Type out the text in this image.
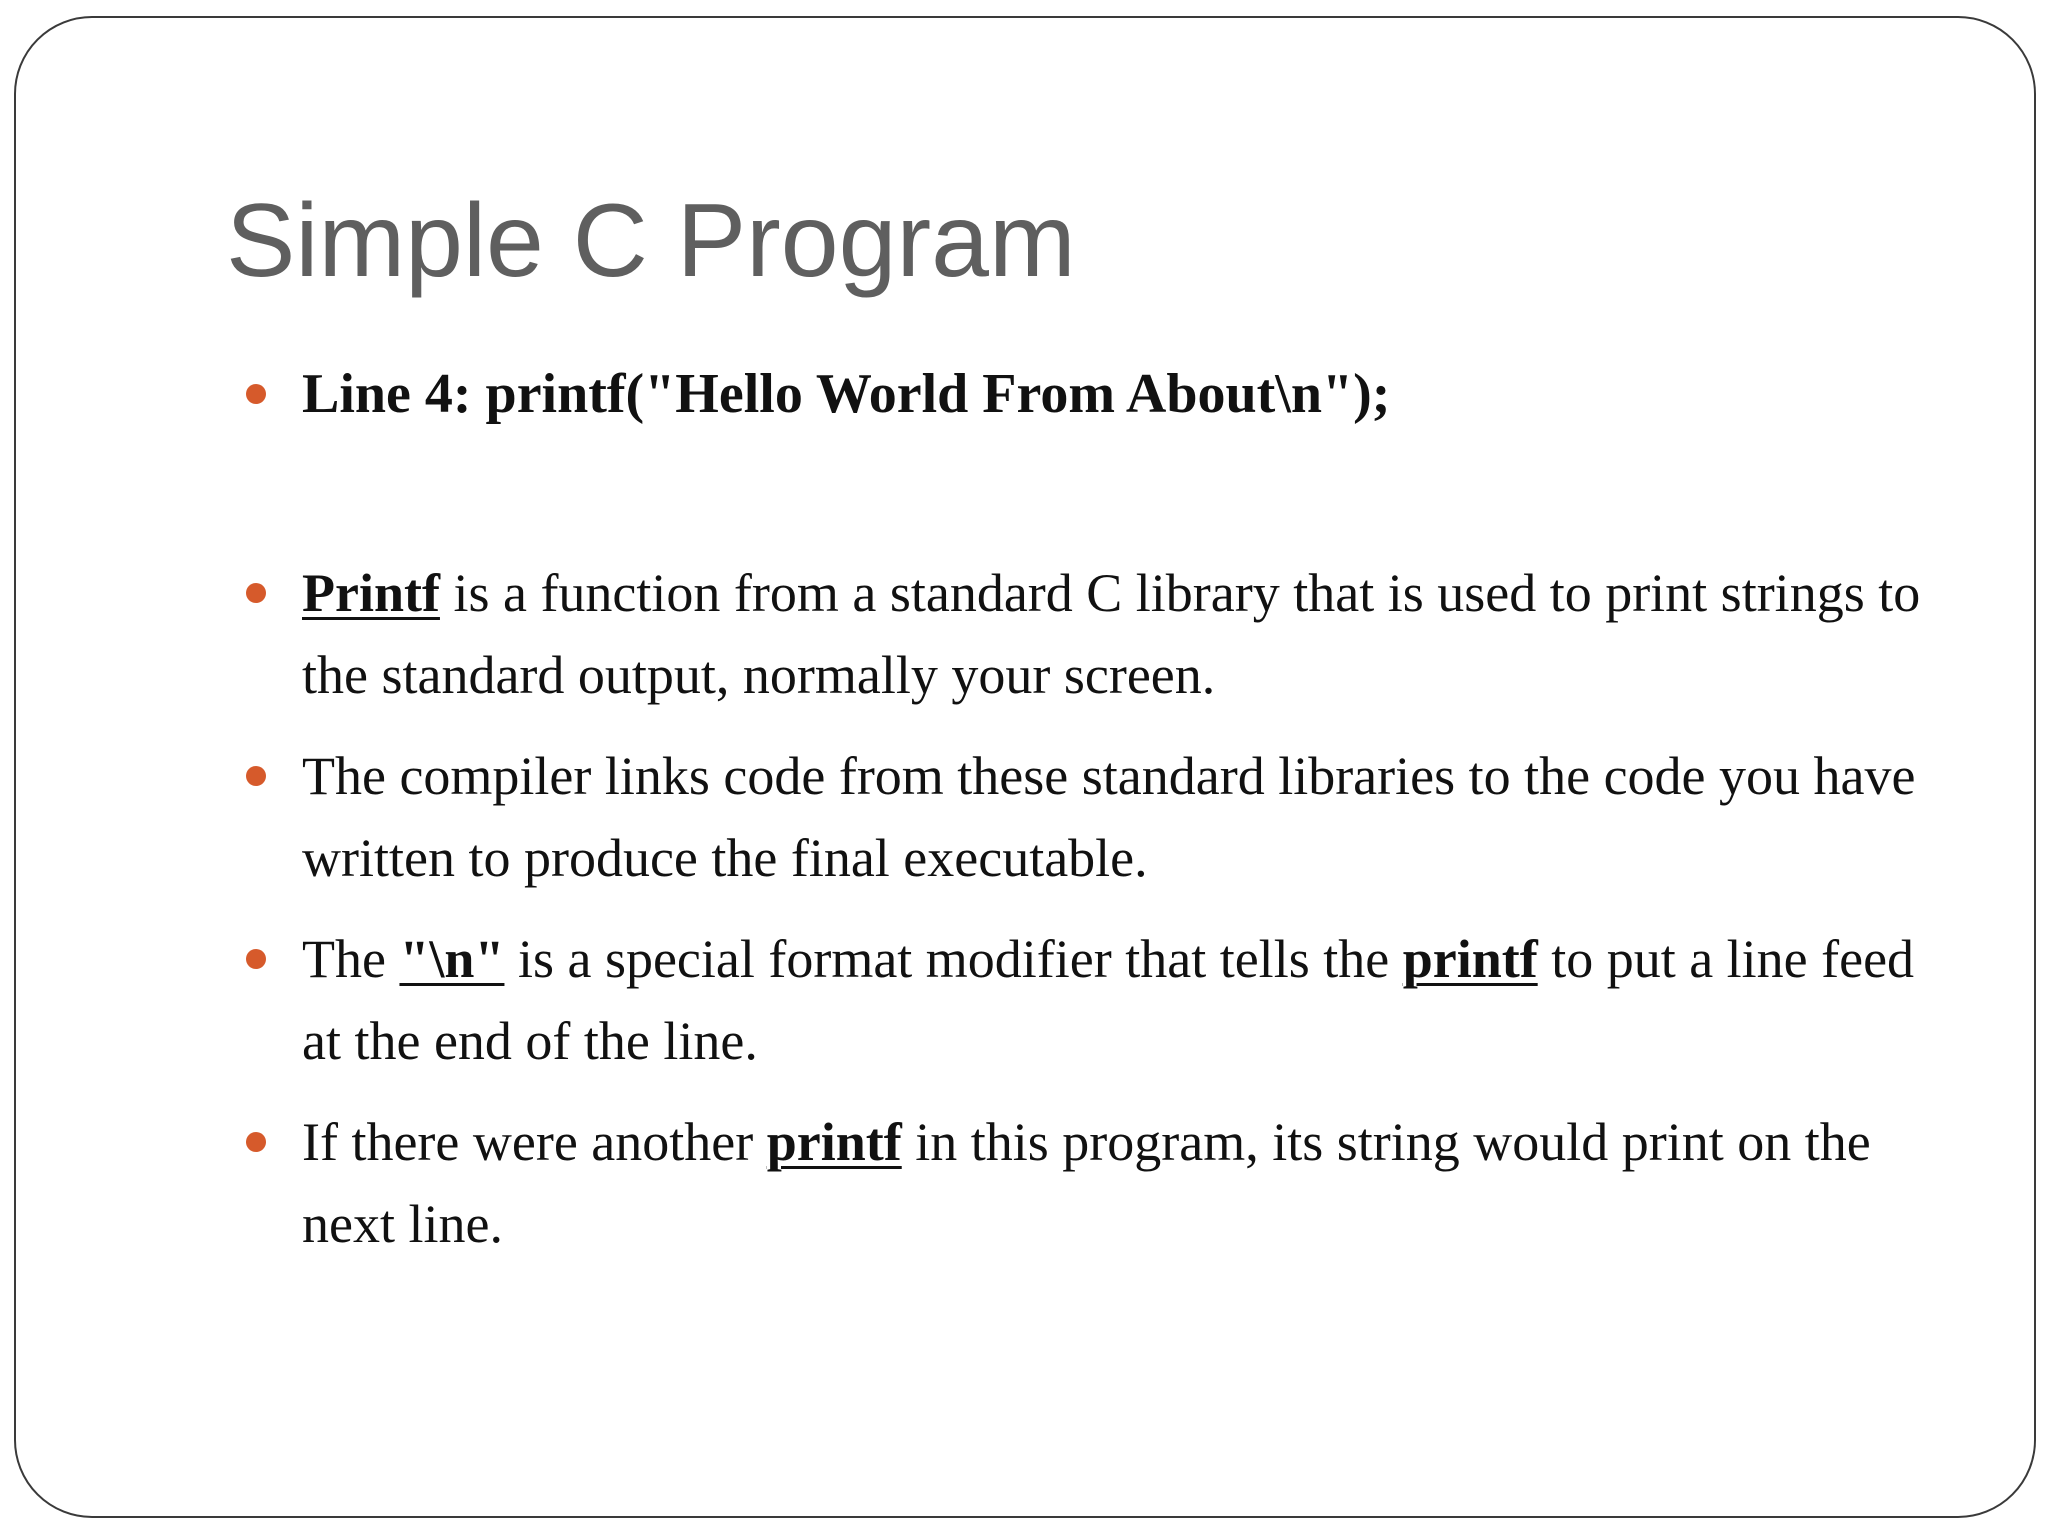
Simple C Program
Line 4: printf("Hello World From About\n");
Printf is a function from a standard C library that is used to print strings to the standard output, normally your screen.
The compiler links code from these standard libraries to the code you have written to produce the final executable.
The "\n" is a special format modifier that tells the printf to put a line feed at the end of the line.
If there were another printf in this program, its string would print on the next line.
